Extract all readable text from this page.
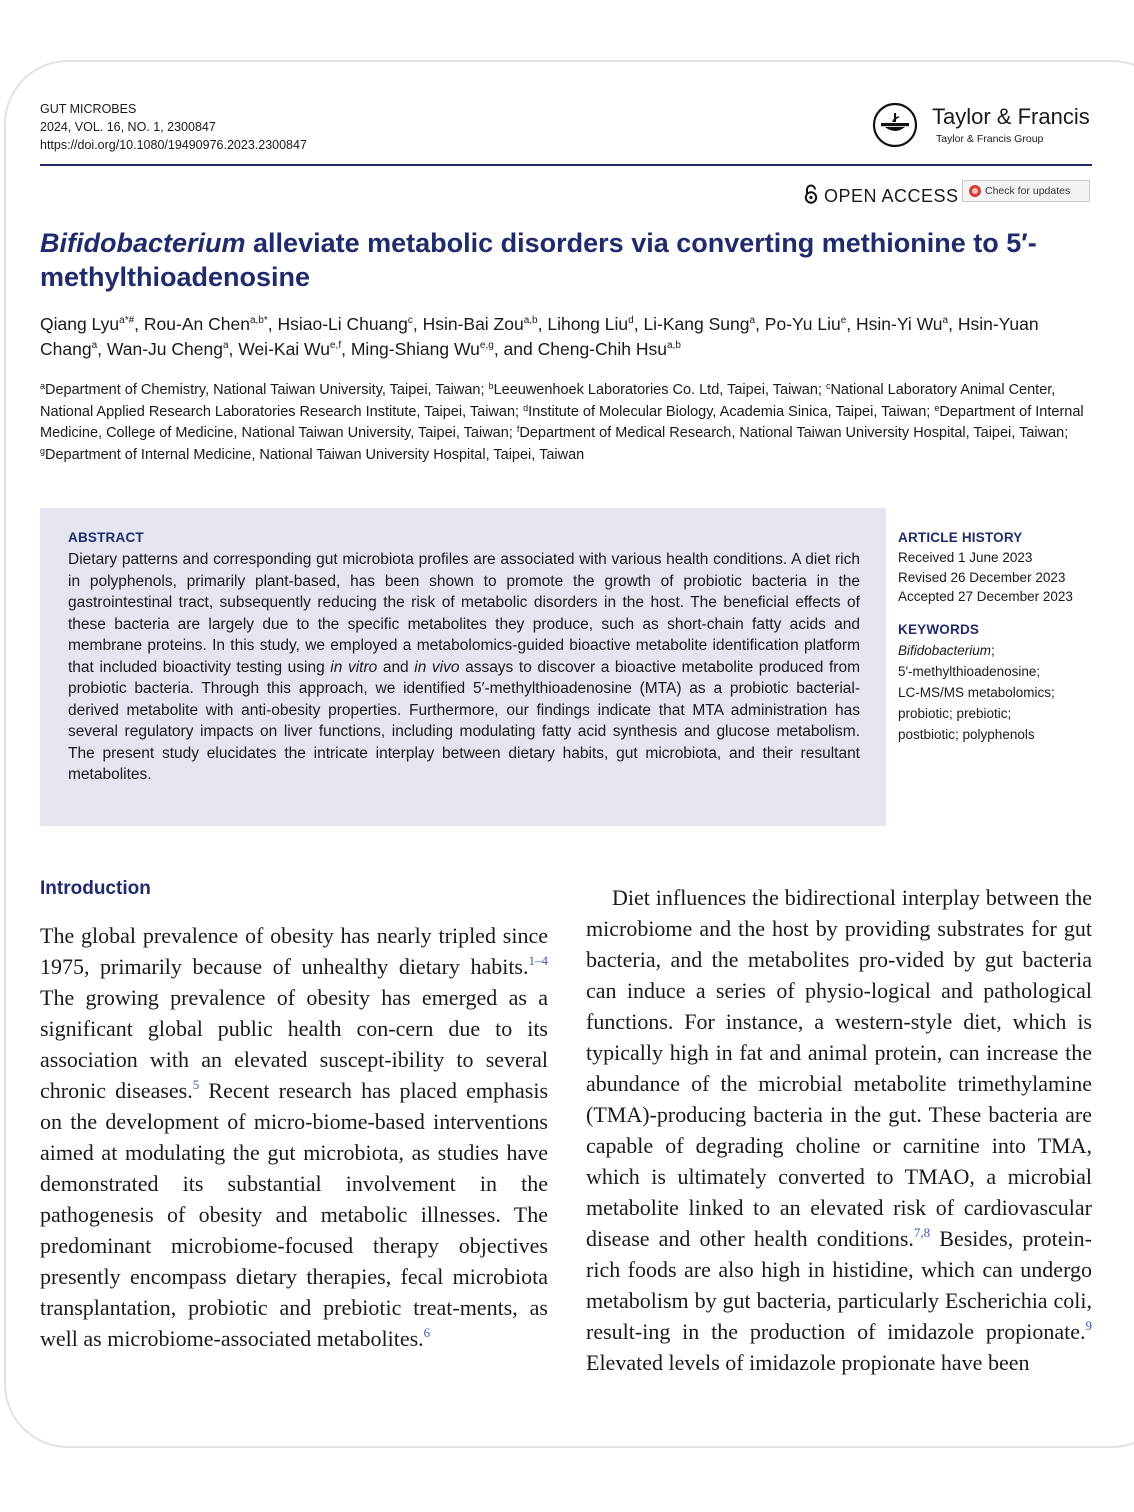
GUT MICROBES
2024, VOL. 16, NO. 1, 2300847
https://doi.org/10.1080/19490976.2023.2300847
Taylor & Francis
Taylor & Francis Group
OPEN ACCESS	Check for updates
Bifidobacterium alleviate metabolic disorders via converting methionine to 5′-methylthioadenosine
Qiang Lyu$^{a*\#}$, Rou-An Chen$^{a,b*}$, Hsiao-Li Chuang$^c$, Hsin-Bai Zou$^{a,b}$, Lihong Liu$^d$, Li-Kang Sung$^a$, Po-Yu Liu$^e$, Hsin-Yi Wu$^a$, Hsin-Yuan Chang$^a$, Wan-Ju Cheng$^a$, Wei-Kai Wu$^{e,f}$, Ming-Shiang Wu$^{e,g}$, and Cheng-Chih Hsu$^{a,b}$
$^a$Department of Chemistry, National Taiwan University, Taipei, Taiwan; $^b$Leeuwenhoek Laboratories Co. Ltd, Taipei, Taiwan; $^c$National Laboratory Animal Center, National Applied Research Laboratories Research Institute, Taipei, Taiwan; $^d$Institute of Molecular Biology, Academia Sinica, Taipei, Taiwan; $^e$Department of Internal Medicine, College of Medicine, National Taiwan University, Taipei, Taiwan; $^f$Department of Medical Research, National Taiwan University Hospital, Taipei, Taiwan; $^g$Department of Internal Medicine, National Taiwan University Hospital, Taipei, Taiwan
ABSTRACT
Dietary patterns and corresponding gut microbiota profiles are associated with various health conditions. A diet rich in polyphenols, primarily plant-based, has been shown to promote the growth of probiotic bacteria in the gastrointestinal tract, subsequently reducing the risk of metabolic disorders in the host. The beneficial effects of these bacteria are largely due to the specific metabolites they produce, such as short-chain fatty acids and membrane proteins. In this study, we employed a metabolomics-guided bioactive metabolite identification platform that included bioactivity testing using in vitro and in vivo assays to discover a bioactive metabolite produced from probiotic bacteria. Through this approach, we identified 5′-methylthioadenosine (MTA) as a probiotic bacterial-derived metabolite with anti-obesity properties. Furthermore, our findings indicate that MTA administration has several regulatory impacts on liver functions, including modulating fatty acid synthesis and glucose metabolism. The present study elucidates the intricate interplay between dietary habits, gut microbiota, and their resultant metabolites.
ARTICLE HISTORY
Received 1 June 2023
Revised 26 December 2023
Accepted 27 December 2023
KEYWORDS
Bifidobacterium;
5′-methylthioadenosine;
LC-MS/MS metabolomics;
probiotic; prebiotic;
postbiotic; polyphenols
Introduction

The global prevalence of obesity has nearly tripled since 1975, primarily because of unhealthy dietary habits.$^{1-4}$ The growing prevalence of obesity has emerged as a significant global public health con-cern due to its association with an elevated suscept-ibility to several chronic diseases.$^5$ Recent research has placed emphasis on the development of micro-biome-based interventions aimed at modulating the gut microbiota, as studies have demonstrated its substantial involvement in the pathogenesis of obesity and metabolic illnesses. The predominant microbiome-focused therapy objectives presently encompass dietary therapies, fecal microbiota transplantation, probiotic and prebiotic treat-ments, as well as microbiome-associated metabolites.$^6$

Diet influences the bidirectional interplay between the microbiome and the host by providing substrates for gut bacteria, and the metabolites pro-vided by gut bacteria can induce a series of physio-logical and pathological functions. For instance, a western-style diet, which is typically high in fat and animal protein, can increase the abundance of the microbial metabolite trimethylamine (TMA)-producing bacteria in the gut. These bacteria are capable of degrading choline or carnitine into TMA, which is ultimately converted to TMAO, a microbial metabolite linked to an elevated risk of cardiovascular disease and other health conditions.$^{7,8}$ Besides, protein-rich foods are also high in histidine, which can undergo metabolism by gut bacteria, particularly Escherichia coli, result-ing in the production of imidazole propionate.$^9$ Elevated levels of imidazole propionate have been
